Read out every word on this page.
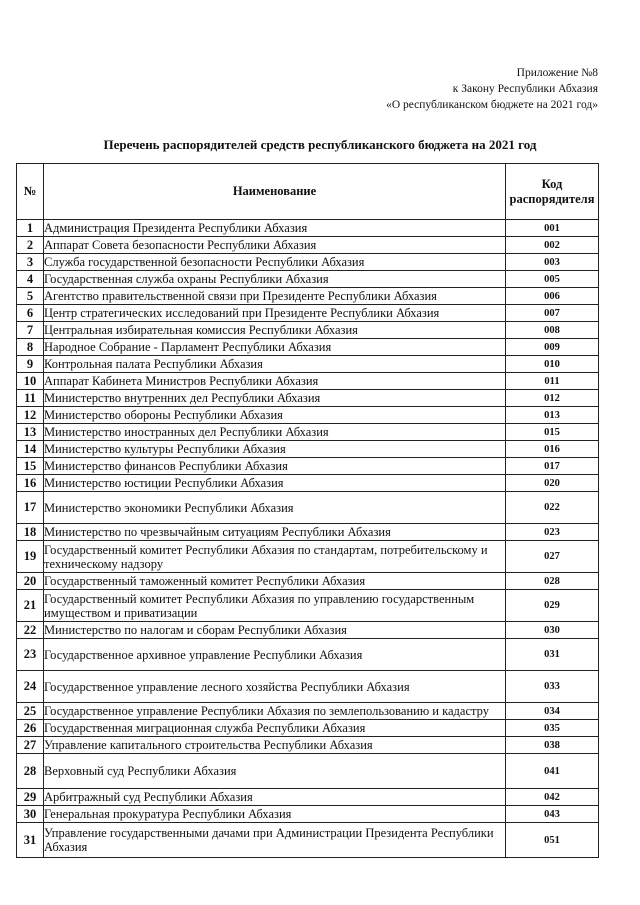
Приложение №8
к Закону Республики Абхазия
«О республиканском бюджете на 2021 год»
Перечень распорядителей средств республиканского бюджета на 2021 год
№	Наименование	Код
распорядителя

1	Администрация Президента Республики Абхазия	001
2	Аппарат Совета безопасности Республики Абхазия	002
3	Служба государственной безопасности Республики Абхазия	003
4	Государственная служба охраны Республики Абхазия	005
5	Агентство правительственной связи при Президенте Республики Абхазия	006
6	Центр стратегических исследований при Президенте Республики Абхазия	007
7	Центральная избирательная комиссия Республики Абхазия	008
8	Народное Собрание - Парламент Республики Абхазия	009
9	Контрольная палата Республики Абхазия	010
10	Аппарат Кабинета Министров Республики Абхазия	011
11	Министерство внутренних дел Республики Абхазия	012
12	Министерство обороны Республики Абхазия	013
13	Министерство иностранных дел Республики Абхазия	015
14	Министерство культуры Республики Абхазия	016
15	Министерство финансов Республики Абхазия	017
16	Министерство юстиции Республики Абхазия	020
17	Министерство экономики Республики Абхазия	022
18	Министерство по чрезвычайным ситуациям Республики Абхазия	023
19	Государственный комитет Республики Абхазия по стандартам, потребительскому и техническому надзору	027
20	Государственный таможенный комитет Республики Абхазия	028
21	Государственный комитет Республики Абхазия по управлению государственным имуществом и приватизации	029
22	Министерство по налогам и сборам Республики Абхазия	030
23	Государственное архивное управление Республики Абхазия	031
24	Государственное управление лесного хозяйства Республики Абхазия	033
25	Государственное управление Республики Абхазия по землепользованию и кадастру	034
26	Государственная миграционная служба Республики Абхазия	035
27	Управление капитального строительства Республики Абхазия	038
28	Верховный суд Республики Абхазия	041
29	Арбитражный суд Республики Абхазия	042
30	Генеральная прокуратура Республики Абхазия	043
31	Управление государственными дачами при Администрации Президента Республики Абхазия	051
